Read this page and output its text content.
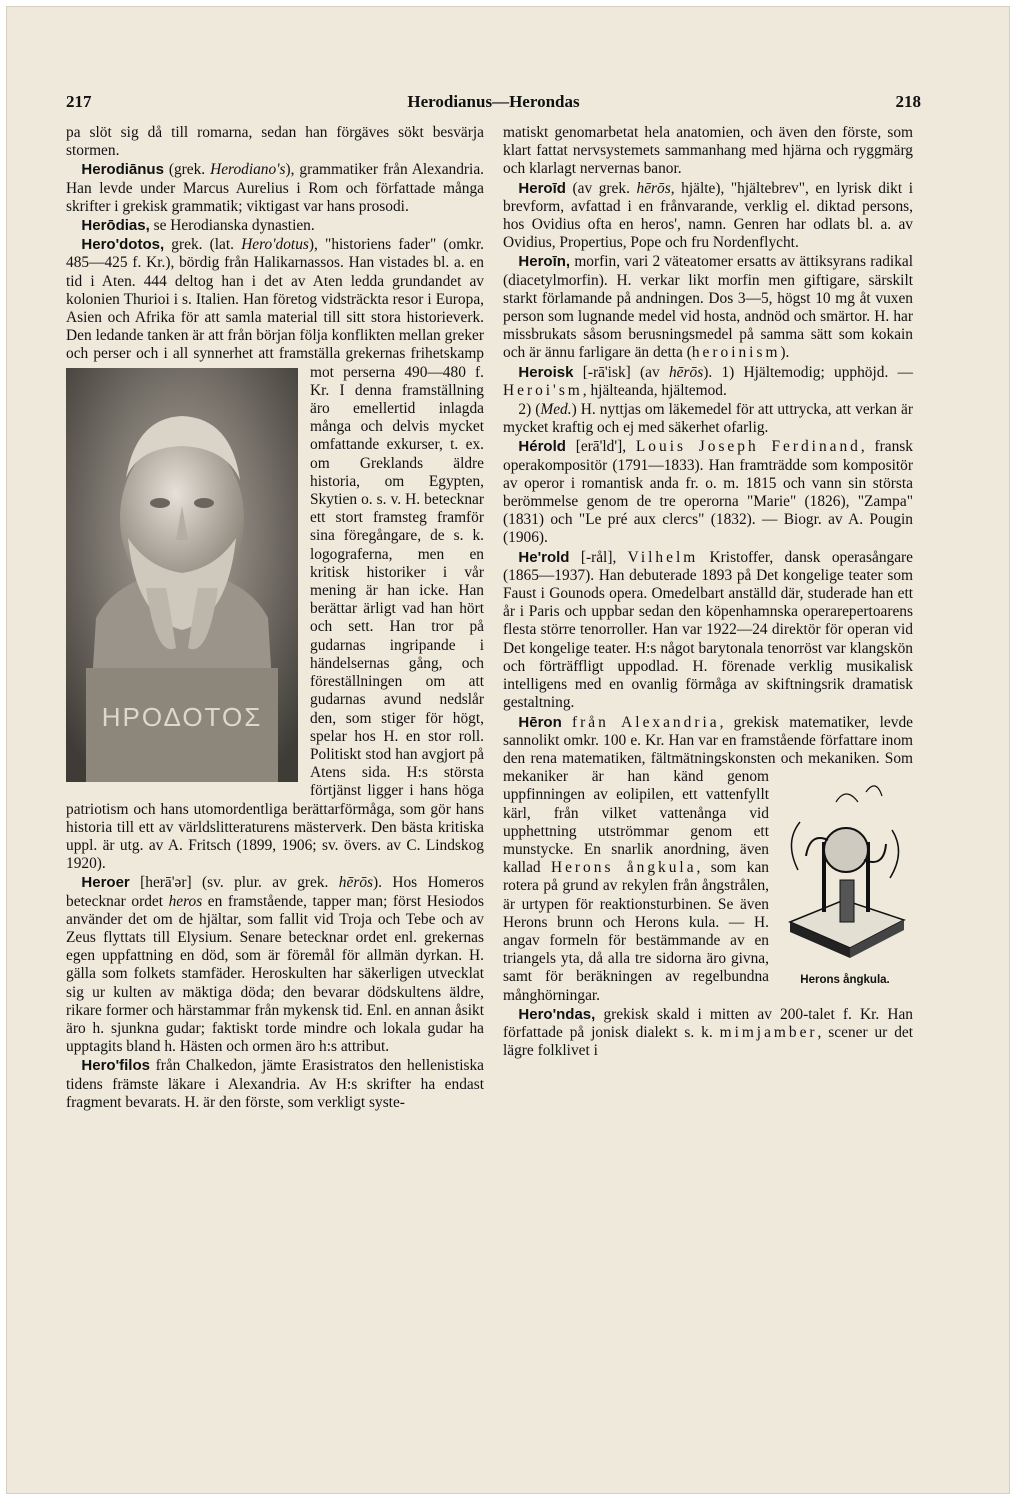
217	Herodianus—Herondas	218

pa slöt sig då till romarna, sedan han förgäves sökt besvärja stormen.

 Herodiānus (grek. Herodiano's), grammatiker från Alexandria. Han levde under Marcus Aurelius i Rom och författade många skrifter i grekisk grammatik; viktigast var hans prosodi.

 Herōdias, se Herodianska dynastien.

 Hero'dotos, grek. (lat. Hero'dotus), "historiens fader" (omkr. 485—425 f. Kr.), bördig från Halikarnassos. Han vistades bl. a. en tid i Aten. 444 deltog han i det av Aten ledda grundandet av kolonien Thurioi i s. Italien. Han företog vidsträckta resor i Europa, Asien och Afrika för att samla material till sitt stora historieverk. Den ledande tanken är att från början följa konflikten mellan greker och perser och i all synnerhet
ΗΡΟΔΟΤΟΣ
att framställa grekernas frihetskamp mot perserna 490—480 f. Kr. I denna framställning äro emellertid inlagda många och delvis mycket omfattande exkurser, t. ex. om Greklands äldre historia, om Egypten, Skytien o. s. v. H. betecknar ett stort framsteg framför sina föregångare, de s. k. logograferna, men en kritisk historiker i vår mening är han icke. Han berättar ärligt vad han hört och sett. Han tror på gudarnas ingripande i händelsernas gång, och föreställningen om att gudarnas avund nedslår den, som stiger för högt, spelar hos H. en stor roll. Politiskt stod han avgjort på Atens sida. H:s största förtjänst ligger i hans höga patriotism och hans utomordentliga berättarförmåga, som gör hans historia till ett av världslitteraturens mästerverk. Den bästa kritiska uppl. är utg. av A. Fritsch (1899, 1906; sv. övers. av C. Lindskog 1920).

 Heroer [herā'ər] (sv. plur. av grek. hērōs). Hos Homeros betecknar ordet heros en framstående, tapper man; först Hesiodos använder det om de hjältar, som fallit vid Troja och Tebe och av Zeus flyttats till Elysium. Senare betecknar ordet enl. grekernas egen uppfattning en död, som är föremål för allmän dyrkan. H. gälla som folkets stamfäder. Heroskulten har säkerligen utvecklat sig ur kulten av mäktiga döda; den bevarar dödskultens äldre, rikare former och härstammar från mykensk tid. Enl. en annan åsikt äro h. sjunkna gudar; faktiskt torde mindre och lokala gudar ha upptagits bland h. Hästen och ormen äro h:s attribut.

 Hero'filos från Chalkedon, jämte Erasistratos den hellenistiska tidens främste läkare i Alexandria. Av H:s skrifter ha endast fragment bevarats. H. är den förste, som verkligt syste-

matiskt genomarbetat hela anatomien, och även den förste, som klart fattat nervsystemets sammanhang med hjärna och ryggmärg och klarlagt nervernas banor.

 Heroīd (av grek. hērōs, hjälte), "hjältebrev", en lyrisk dikt i brevform, avfattad i en frånvarande, verklig el. diktad persons, hos Ovidius ofta en heros', namn. Genren har odlats bl. a. av Ovidius, Propertius, Pope och fru Nordenflycht.

 Heroīn, morfin, vari 2 väteatomer ersatts av ättiksyrans radikal (diacetylmorfin). H. verkar likt morfin men giftigare, särskilt starkt förlamande på andningen. Dos 3—5, högst 10 mg åt vuxen person som lugnande medel vid hosta, andnöd och smärtor. H. har missbrukats såsom berusningsmedel på samma sätt som kokain och är ännu farligare än detta (heroinism).

 Heroisk [-rā'isk] (av hērōs). 1) Hjältemodig; upphöjd. — Heroi'sm, hjälteanda, hjältemod.

 2) (Med.) H. nyttjas om läkemedel för att uttrycka, att verkan är mycket kraftig och ej med säkerhet ofarlig.

 Hérold [erā'ld'], Louis Joseph Ferdinand, fransk operakompositör (1791—1833). Han framträdde som kompositör av operor i romantisk anda fr. o. m. 1815 och vann sin största berömmelse genom de tre operorna "Marie" (1826), "Zampa" (1831) och "Le pré aux clercs" (1832). — Biogr. av A. Pougin (1906).

 He'rold [-rål], Vilhelm Kristoffer, dansk operasångare (1865—1937). Han debuterade 1893 på Det kongelige teater som Faust i Gounods opera. Omedelbart anställd där, studerade han ett år i Paris och uppbar sedan den köpenhamnska operarepertoarens flesta större tenorroller. Han var 1922—24 direktör för operan vid Det kongelige teater. H:s något barytonala tenorröst var klangskön och förträffligt uppodlad. H. förenade verklig musikalisk intelligens med en ovanlig förmåga av skiftningsrik dramatisk gestaltning.

 Hēron från Alexandria, grekisk matematiker, levde sannolikt omkr. 100 e. Kr. Han var en framstående författare inom den rena matematiken, fältmätningskonsten
Herons ångkula.
och mekaniken. Som mekaniker är han känd genom uppfinningen av eolipilen, ett vattenfyllt kärl, från vilket vattenånga vid upphettning utströmmar genom ett munstycke. En snarlik anordning, även kallad Herons ångkula, som kan rotera på grund av rekylen från ångstrålen, är urtypen för reaktionsturbinen. Se även Herons brunn och Herons kula. — H. angav formeln för bestämmande av en triangels yta, då alla tre sidorna äro givna, samt för beräkningen av regelbundna månghörningar.

 Hero'ndas, grekisk skald i mitten av 200-talet f. Kr. Han författade på jonisk dialekt s. k. mimjamber, scener ur det lägre folklivet i
